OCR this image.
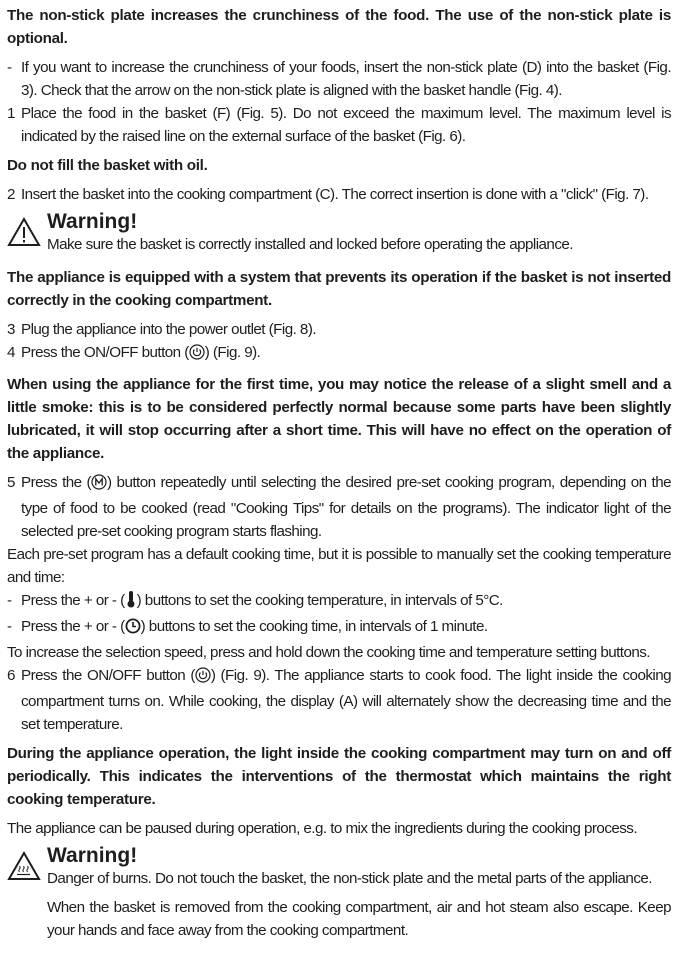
The non-stick plate increases the crunchiness of the food. The use of the non-stick plate is optional.

- If you want to increase the crunchiness of your foods, insert the non-stick plate (D) into the basket (Fig. 3). Check that the arrow on the non-stick plate is aligned with the basket handle (Fig. 4).

1 Place the food in the basket (F) (Fig. 5). Do not exceed the maximum level. The maximum level is indicated by the raised line on the external surface of the basket (Fig. 6).

Do not fill the basket with oil.

2 Insert the basket into the cooking compartment (C). The correct insertion is done with a "click" (Fig. 7).

Warning!

Make sure the basket is correctly installed and locked before operating the appliance.

The appliance is equipped with a system that prevents its operation if the basket is not inserted correctly in the cooking compartment.

3 Plug the appliance into the power outlet (Fig. 8).

4 Press the ON/OFF button ( ) (Fig. 9).

When using the appliance for the first time, you may notice the release of a slight smell and a little smoke: this is to be considered perfectly normal because some parts have been slightly lubricated, it will stop occurring after a short time. This will have no effect on the operation of the appliance.

5 Press the ( ) button repeatedly until selecting the desired pre-set cooking program, depending on the type of food to be cooked (read "Cooking Tips" for details on the programs). The indicator light of the selected pre-set cooking program starts flashing.

Each pre-set program has a default cooking time, but it is possible to manually set the cooking temperature and time:

- Press the + or - ( ) buttons to set the cooking temperature, in intervals of 5°C.

- Press the + or - ( ) buttons to set the cooking time, in intervals of 1 minute.

To increase the selection speed, press and hold down the cooking time and temperature setting buttons.

6 Press the ON/OFF button ( ) (Fig. 9). The appliance starts to cook food. The light inside the cooking compartment turns on. While cooking, the display (A) will alternately show the decreasing time and the set temperature.

During the appliance operation, the light inside the cooking compartment may turn on and off periodically. This indicates the interventions of the thermostat which maintains the right cooking temperature.

The appliance can be paused during operation, e.g. to mix the ingredients during the cooking process.

Warning!

Danger of burns. Do not touch the basket, the non-stick plate and the metal parts of the appliance.

When the basket is removed from the cooking compartment, air and hot steam also escape. Keep your hands and face away from the cooking compartment.
